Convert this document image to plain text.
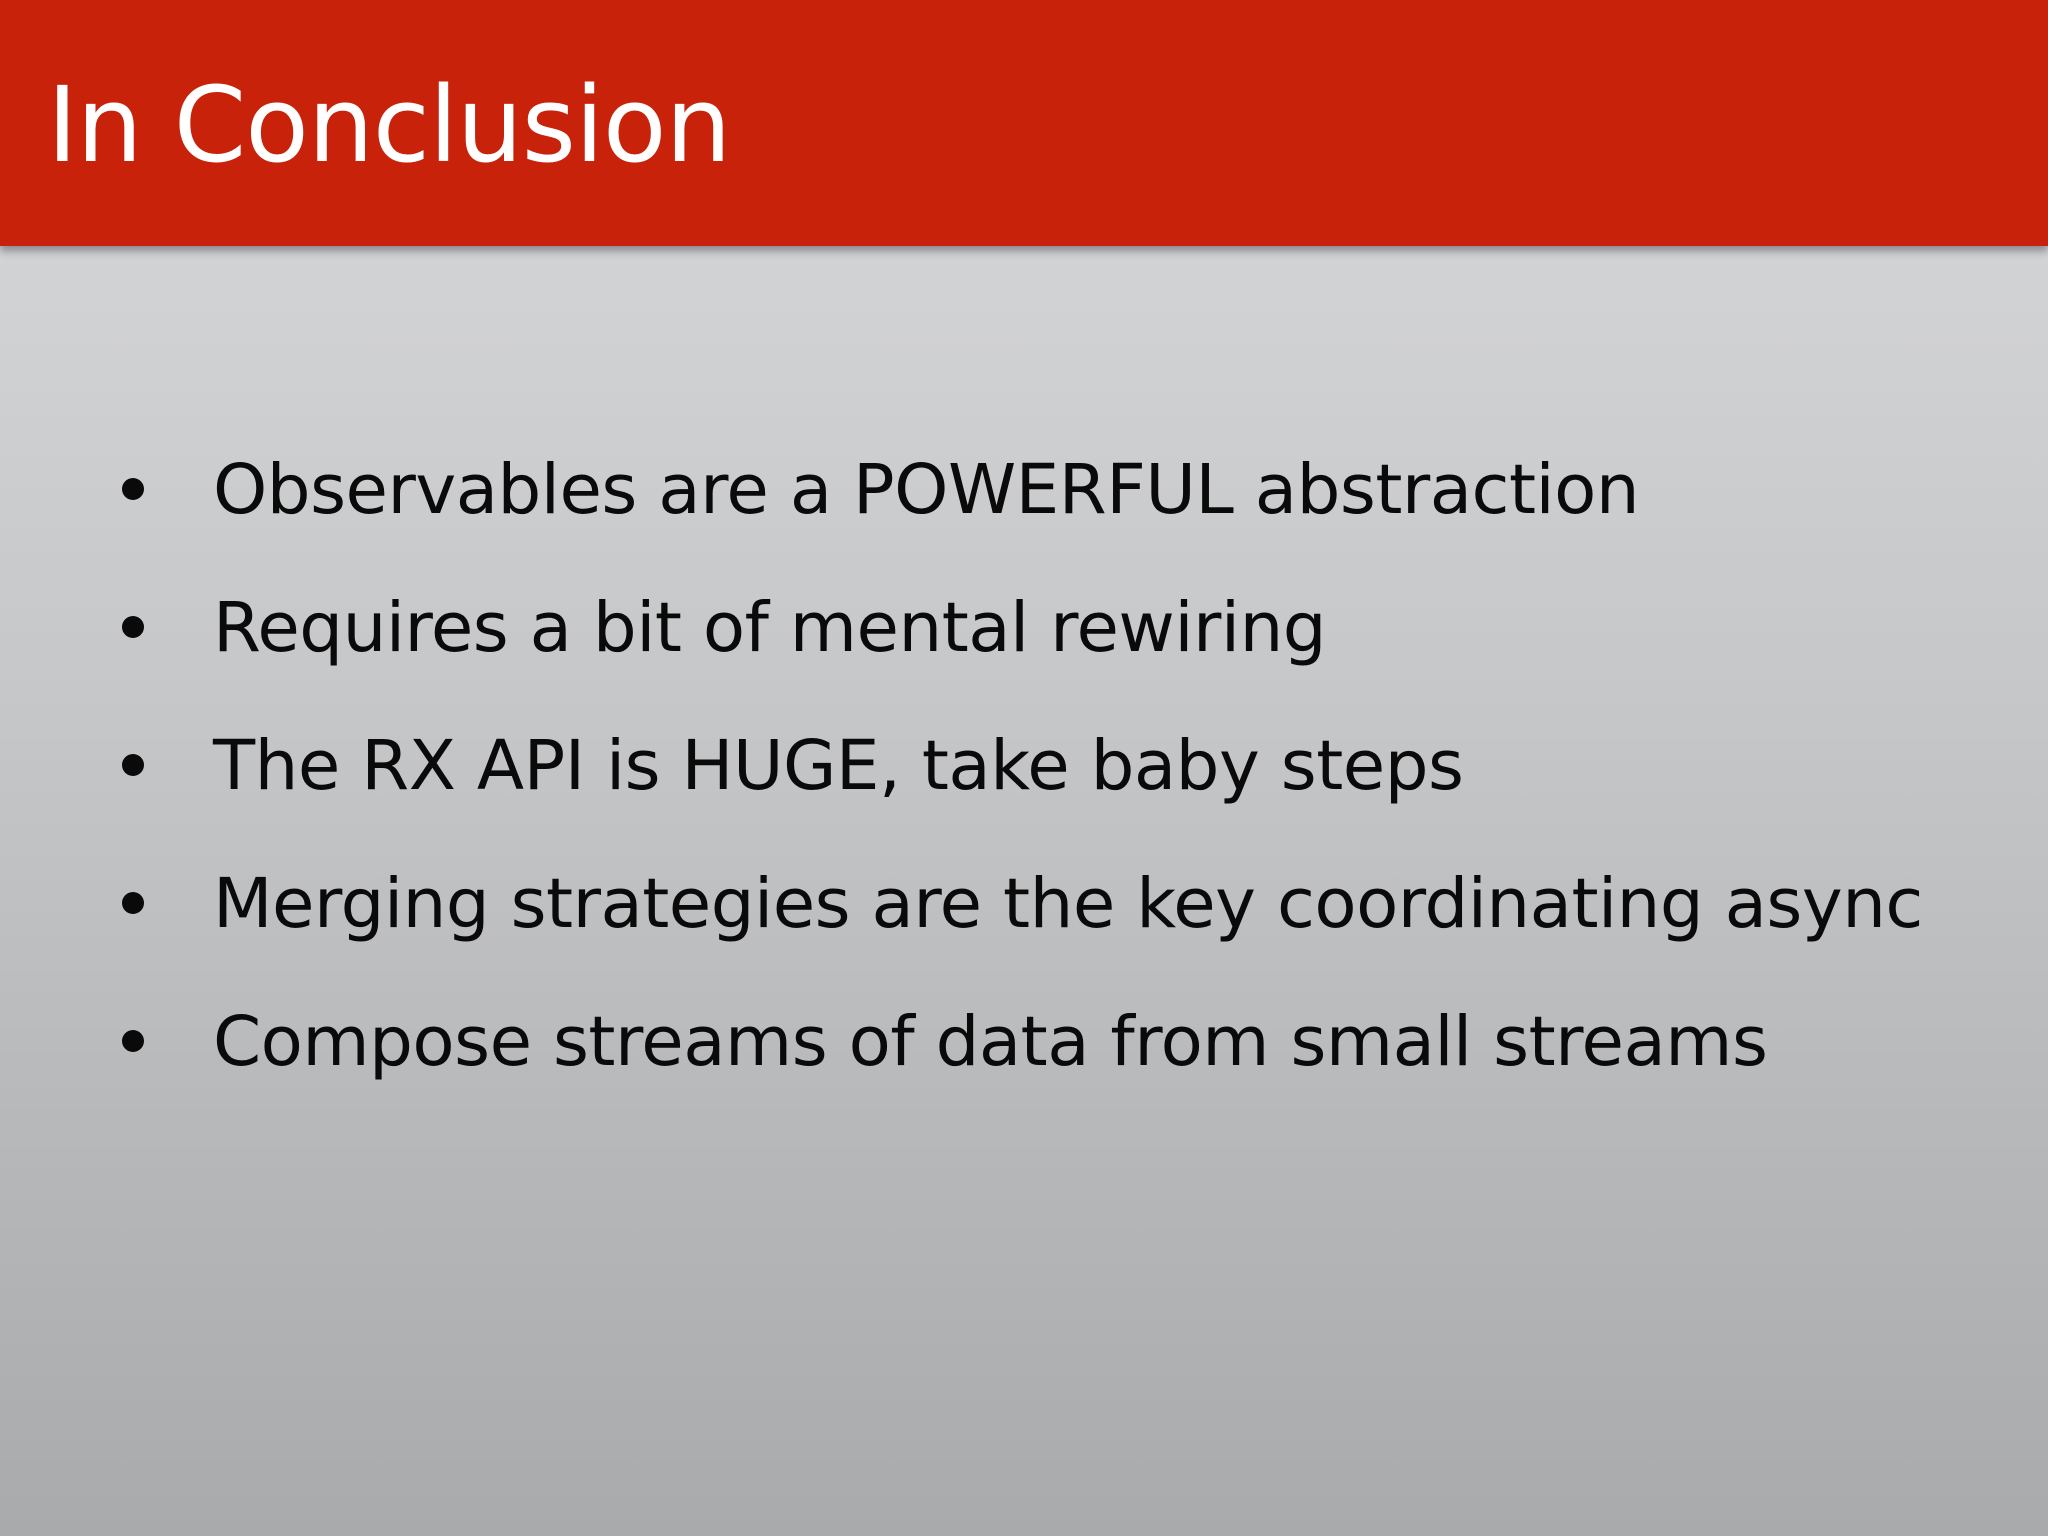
In Conclusion
Observables are a POWERFUL abstraction
Requires a bit of mental rewiring
The RX API is HUGE, take baby steps
Merging strategies are the key coordinating async
Compose streams of data from small streams
